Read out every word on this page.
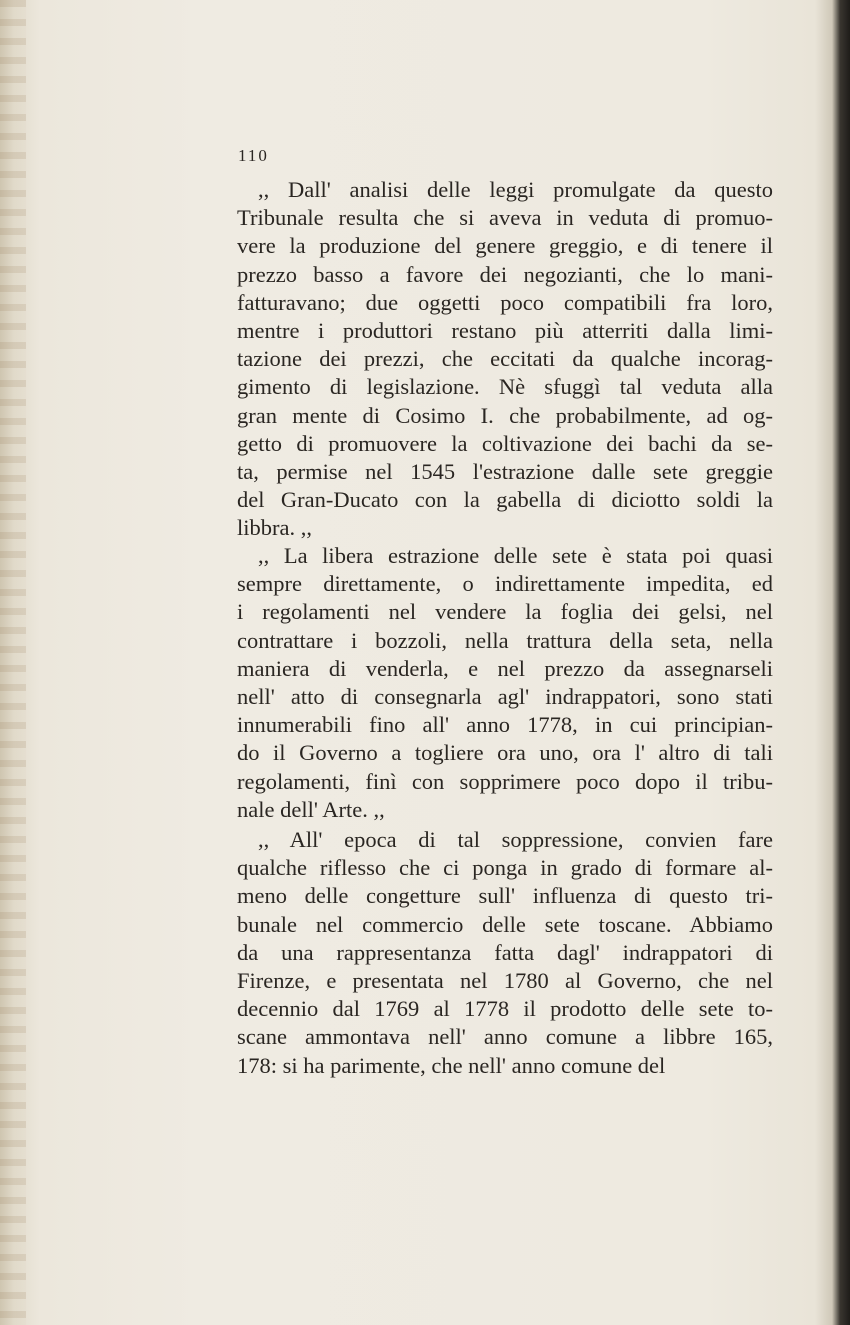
110
,, Dall' analisi delle leggi promulgate da questo
Tribunale resulta che si aveva in veduta di promuo-
vere la produzione del genere greggio, e di tenere il
prezzo basso a favore dei negozianti, che lo mani-
fatturavano; due oggetti poco compatibili fra loro,
mentre i produttori restano più atterriti dalla limi-
tazione dei prezzi, che eccitati da qualche incorag-
gimento di legislazione. Nè sfuggì tal veduta alla
gran mente di Cosimo I. che probabilmente, ad og-
getto di promuovere la coltivazione dei bachi da se-
ta, permise nel 1545 l'estrazione dalle sete greggie
del Gran-Ducato con la gabella di diciotto soldi la
libbra. ,,
,, La libera estrazione delle sete è stata poi quasi
sempre direttamente, o indirettamente impedita, ed
i regolamenti nel vendere la foglia dei gelsi, nel
contrattare i bozzoli, nella trattura della seta, nella
maniera di venderla, e nel prezzo da assegnarseli
nell' atto di consegnarla agl' indrappatori, sono stati
innumerabili fino all' anno 1778, in cui principian-
do il Governo a togliere ora uno, ora l' altro di tali
regolamenti, finì con sopprimere poco dopo il tribu-
nale dell' Arte. ,,
,, All' epoca di tal soppressione, convien fare
qualche riflesso che ci ponga in grado di formare al-
meno delle congetture sull' influenza di questo tri-
bunale nel commercio delle sete toscane. Abbiamo
da una rappresentanza fatta dagl' indrappatori di
Firenze, e presentata nel 1780 al Governo, che nel
decennio dal 1769 al 1778 il prodotto delle sete to-
scane ammontava nell' anno comune a libbre 165,
178: si ha parimente, che nell' anno comune del
